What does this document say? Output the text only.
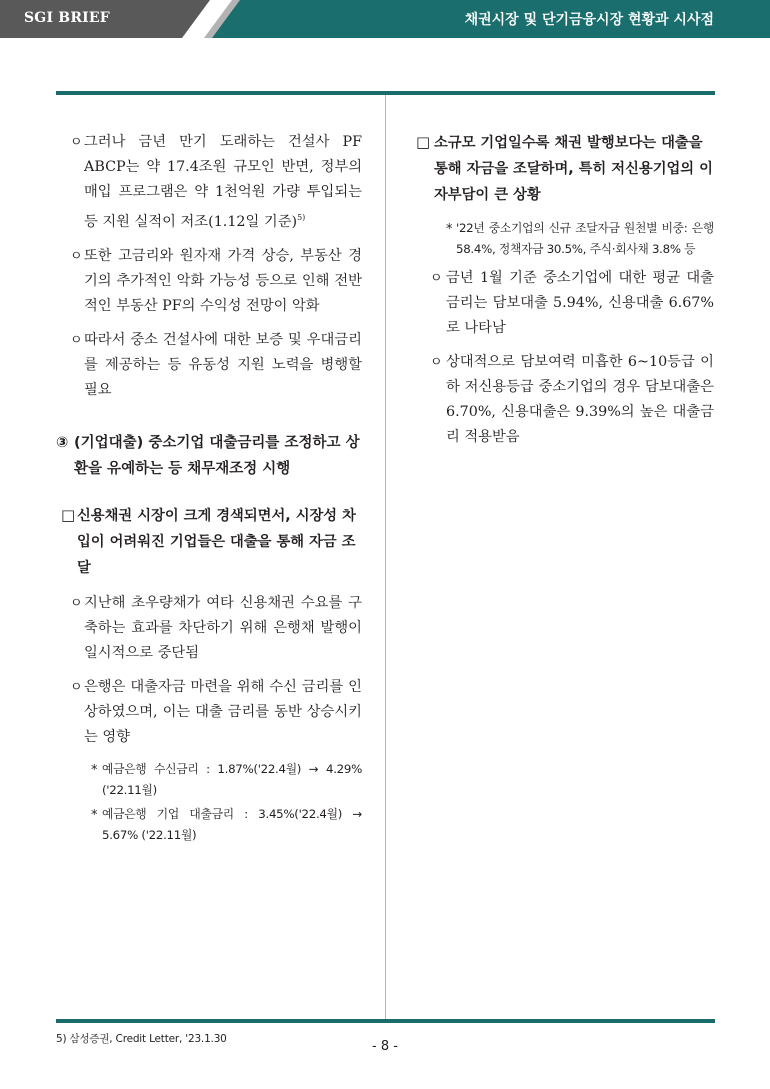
SGI BRIEF	채권시장 및 단기금융시장 현황과 시사점
ㅇ 그러나 금년 만기 도래하는 건설사 PF ABCP는 약 17.4조원 규모인 반면, 정부의 매입 프로그램은 약 1천억원 가량 투입되는 등 지원 실적이 저조(1.12일 기준)$^{5)}$
ㅇ 또한 고금리와 원자재 가격 상승, 부동산 경기의 추가적인 악화 가능성 등으로 인해 전반적인 부동산 PF의 수익성 전망이 악화
ㅇ 따라서 중소 건설사에 대한 보증 및 우대금리를 제공하는 등 유동성 지원 노력을 병행할 필요
③ (기업대출) 중소기업 대출금리를 조정하고 상환을 유예하는 등 채무재조정 시행
□ 신용채권 시장이 크게 경색되면서, 시장성 차입이 어려워진 기업들은 대출을 통해 자금 조달
ㅇ 지난해 초우량채가 여타 신용채권 수요를 구축하는 효과를 차단하기 위해 은행채 발행이 일시적으로 중단됨
ㅇ 은행은 대출자금 마련을 위해 수신 금리를 인상하였으며, 이는 대출 금리를 동반 상승시키는 영향
* 예금은행 수신금리 : 1.87%('22.4월) → 4.29% ('22.11월)
* 예금은행 기업 대출금리 : 3.45%('22.4월) → 5.67% ('22.11월)
□ 소규모 기업일수록 채권 발행보다는 대출을 통해 자금을 조달하며, 특히 저신용기업의 이자부담이 큰 상황
* '22년 중소기업의 신규 조달자금 원천별 비중: 은행 58.4%, 정책자금 30.5%, 주식·회사채 3.8% 등
ㅇ 금년 1월 기준 중소기업에 대한 평균 대출금리는 담보대출 5.94%, 신용대출 6.67%로 나타남
ㅇ 상대적으로 담보여력 미흡한 6~10등급 이하 저신용등급 중소기업의 경우 담보대출은 6.70%, 신용대출은 9.39%의 높은 대출금리 적용받음
5) 삼성증권, Credit Letter, '23.1.30	- 8 -
